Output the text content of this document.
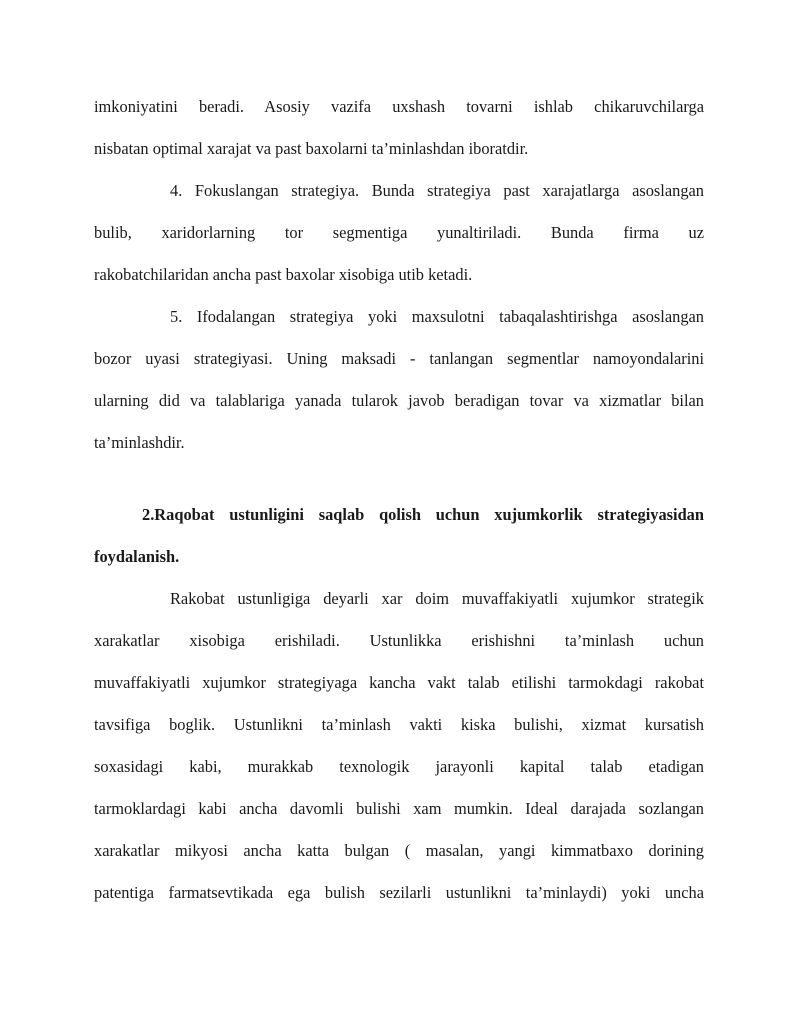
imkoniyatini beradi. Asosiy vazifa uxshash tovarni ishlab chikaruvchilarga
nisbatan optimal xarajat va past baxolarni ta’minlashdan iboratdir.
4. Fokuslangan strategiya. Bunda strategiya past xarajatlarga asoslangan
bulib, xaridorlarning tor segmentiga yunaltiriladi. Bunda firma uz
rakobatchilaridan ancha past baxolar xisobiga utib ketadi.
5. Ifodalangan strategiya yoki maxsulotni tabaqalashtirishga asoslangan
bozor uyasi strategiyasi. Uning maksadi - tanlangan segmentlar namoyondalarini
ularning did va talablariga yanada tularok javob beradigan tovar va xizmatlar bilan
ta’minlashdir.
2.Raqobat ustunligini saqlab qolish uchun xujumkorlik strategiyasidan
foydalanish.
Rakobat ustunligiga deyarli xar doim muvaffakiyatli xujumkor strategik
xarakatlar xisobiga erishiladi. Ustunlikka erishishni ta’minlash uchun
muvaffakiyatli xujumkor strategiyaga kancha vakt talab etilishi tarmokdagi rakobat
tavsifiga boglik. Ustunlikni ta’minlash vakti kiska bulishi, xizmat kursatish
soxasidagi kabi, murakkab texnologik jarayonli kapital talab etadigan
tarmoklardagi kabi ancha davomli bulishi xam mumkin. Ideal darajada sozlangan
xarakatlar mikyosi ancha katta bulgan ( masalan, yangi kimmatbaxo dorining
patentiga farmatsevtikada ega bulish sezilarli ustunlikni ta’minlaydi) yoki uncha
